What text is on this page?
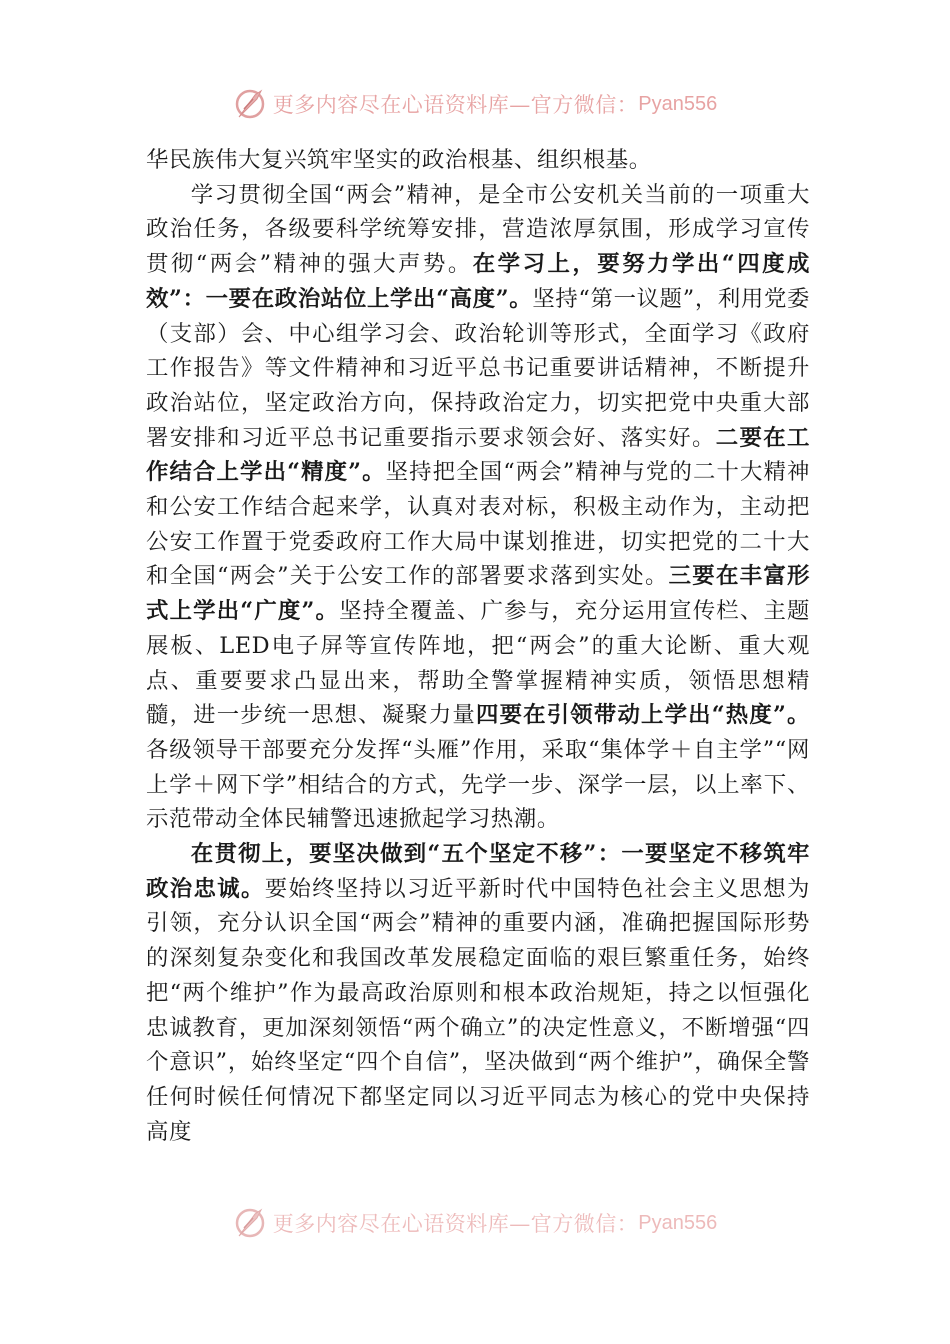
更多内容尽在心语资料库—官方微信： Pyan556

华民族伟大复兴筑牢坚实的政治根基、组织根基。

学习贯彻全国“两会”精神，是全市公安机关当前的一项重大政治任务，各级要科学统筹安排，营造浓厚氛围，形成学习宣传贯彻“两会”精神的强大声势。在学习上，要努力学出“四度成效”：一要在政治站位上学出“高度”。坚持“第一议题”，利用党委（支部）会、中心组学习会、政治轮训等形式，全面学习《政府工作报告》等文件精神和习近平总书记重要讲话精神，不断提升政治站位，坚定政治方向，保持政治定力，切实把党中央重大部署安排和习近平总书记重要指示要求领会好、落实好。二要在工作结合上学出“精度”。坚持把全国“两会”精神与党的二十大精神和公安工作结合起来学，认真对表对标，积极主动作为，主动把公安工作置于党委政府工作大局中谋划推进，切实把党的二十大和全国“两会”关于公安工作的部署要求落到实处。三要在丰富形式上学出“广度”。坚持全覆盖、广参与，充分运用宣传栏、主题展板、LED电子屏等宣传阵地，把“两会”的重大论断、重大观点、重要要求凸显出来，帮助全警掌握精神实质，领悟思想精髓，进一步统一思想、凝聚力量四要在引领带动上学出“热度”。各级领导干部要充分发挥“头雁”作用，采取“集体学＋自主学”“网上学＋网下学”相结合的方式，先学一步、深学一层，以上率下、示范带动全体民辅警迅速掀起学习热潮。

在贯彻上，要坚决做到“五个坚定不移”：一要坚定不移筑牢政治忠诚。要始终坚持以习近平新时代中国特色社会主义思想为引领，充分认识全国“两会”精神的重要内涵，准确把握国际形势的深刻复杂变化和我国改革发展稳定面临的艰巨繁重任务，始终把“两个维护”作为最高政治原则和根本政治规矩，持之以恒强化忠诚教育，更加深刻领悟“两个确立”的决定性意义，不断增强“四个意识”，始终坚定“四个自信”，坚决做到“两个维护”，确保全警任何时候任何情况下都坚定同以习近平同志为核心的党中央保持高度

更多内容尽在心语资料库—官方微信： Pyan556
